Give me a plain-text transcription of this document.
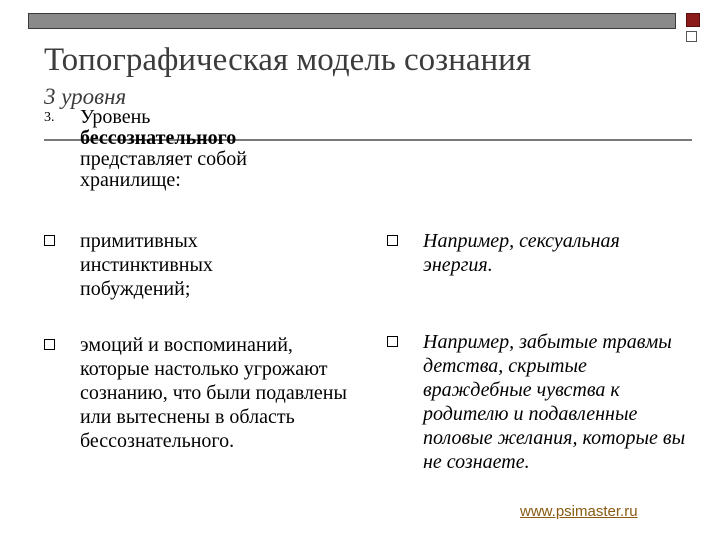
Топографическая модель сознания
3 уровня
3. Уровень
бессознательного
представляет собой хранилище:
примитивных инстинктивных побуждений;
эмоций и воспоминаний, которые настолько угрожают сознанию, что были подавлены или вытеснены в область бессознательного.
Например, сексуальная энергия.
Например, забытые травмы детства, скрытые враждебные чувства к родителю и подавленные половые желания, которые вы не сознаете.
www.psimaster.ru
